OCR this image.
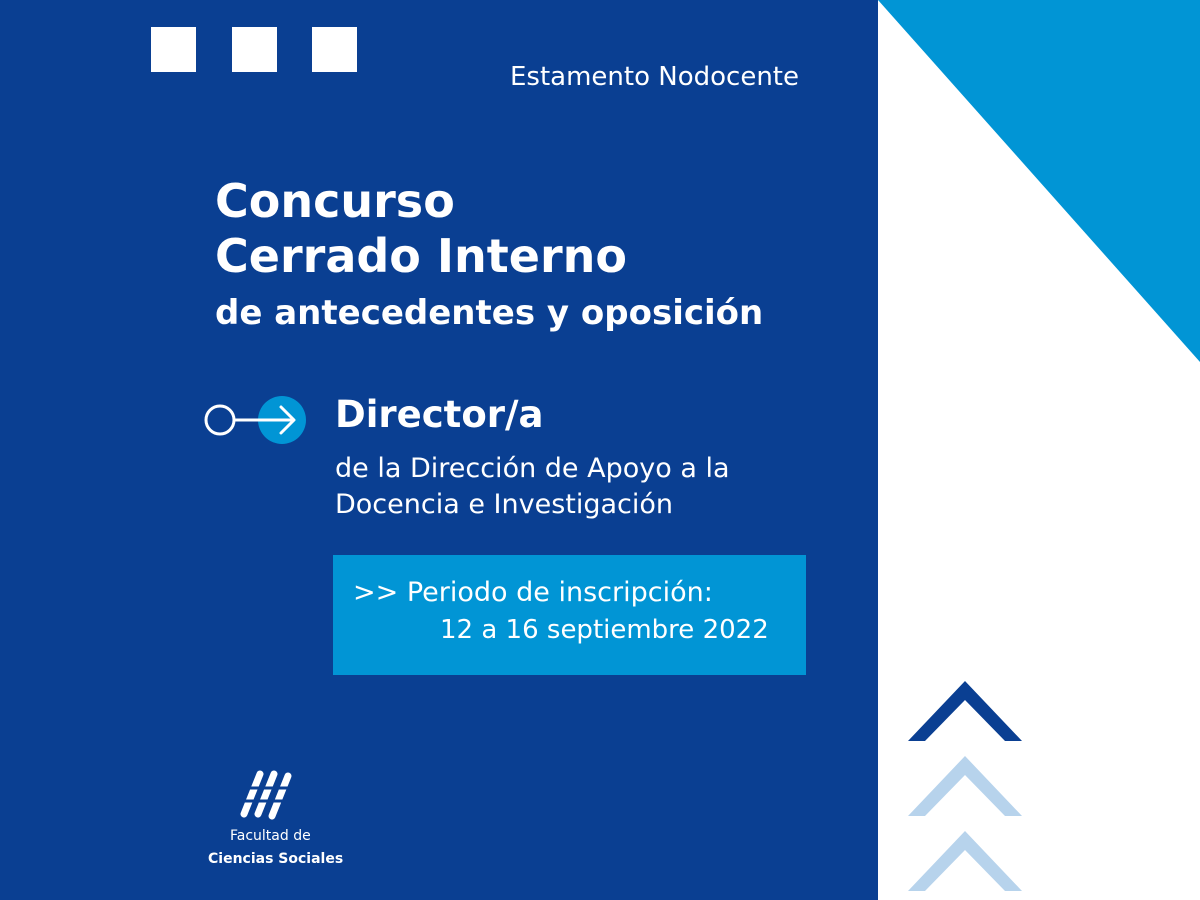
Estamento Nodocente
Concurso
Cerrado Interno
de antecedentes y oposición
Director/a
de la Dirección de Apoyo a la
Docencia e Investigación
>> Periodo de inscripción:
12 a 16 septiembre 2022
Facultad de
Ciencias Sociales
